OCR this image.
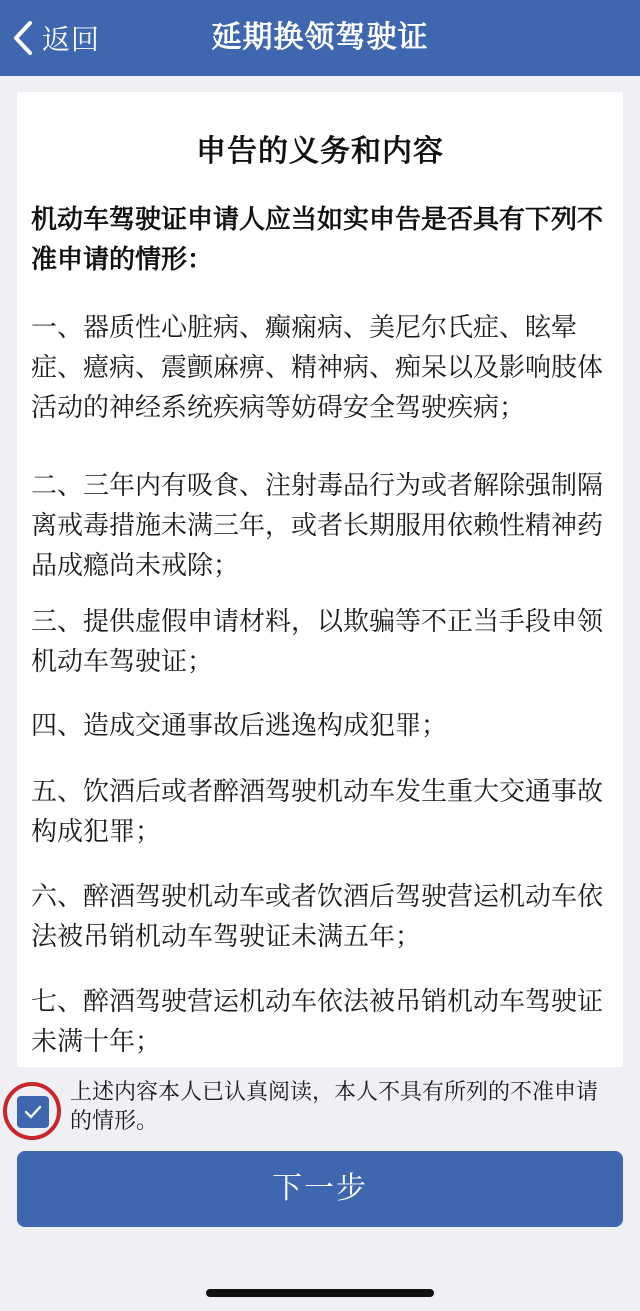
返回	延期换领驾驶证
申告的义务和内容

机动车驾驶证申请人应当如实申告是否具有下列不准申请的情形：

一、器质性心脏病、癫痫病、美尼尔氏症、眩晕症、癔病、震颤麻痹、精神病、痴呆以及影响肢体活动的神经系统疾病等妨碍安全驾驶疾病；

二、三年内有吸食、注射毒品行为或者解除强制隔离戒毒措施未满三年，或者长期服用依赖性精神药品成瘾尚未戒除；

三、提供虚假申请材料，以欺骗等不正当手段申领机动车驾驶证；

四、造成交通事故后逃逸构成犯罪；

五、饮酒后或者醉酒驾驶机动车发生重大交通事故构成犯罪；

六、醉酒驾驶机动车或者饮酒后驾驶营运机动车依法被吊销机动车驾驶证未满五年；

七、醉酒驾驶营运机动车依法被吊销机动车驾驶证未满十年；

上述内容本人已认真阅读，本人不具有所列的不准申请的情形。
下一步
